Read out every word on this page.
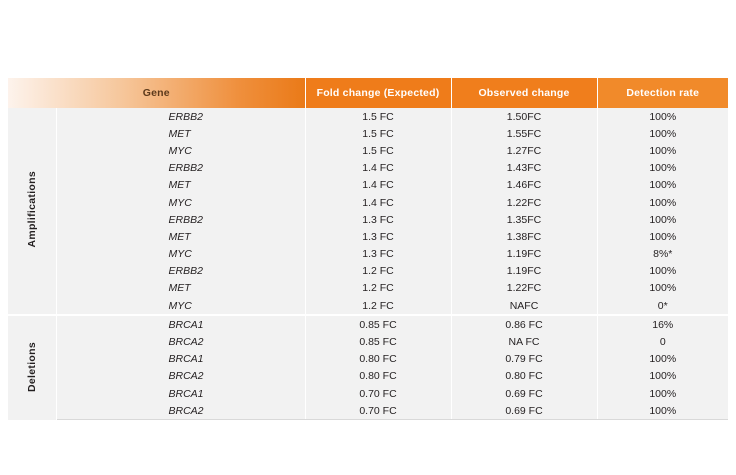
Gene		Fold change (Expected)	Observed change	Detection rate
Amplifications	ERBB2	1.5 FC	1.50FC	100%
	MET	1.5 FC	1.55FC	100%
	MYC	1.5 FC	1.27FC	100%
	ERBB2	1.4 FC	1.43FC	100%
	MET	1.4 FC	1.46FC	100%
	MYC	1.4 FC	1.22FC	100%
	ERBB2	1.3 FC	1.35FC	100%
	MET	1.3 FC	1.38FC	100%
	MYC	1.3 FC	1.19FC	8%*
	ERBB2	1.2 FC	1.19FC	100%
	MET	1.2 FC	1.22FC	100%
	MYC	1.2 FC	NAFC	0*
Deletions	BRCA1	0.85 FC	0.86 FC	16%
	BRCA2	0.85 FC	NA FC	0
	BRCA1	0.80 FC	0.79 FC	100%
	BRCA2	0.80 FC	0.80 FC	100%
	BRCA1	0.70 FC	0.69 FC	100%
	BRCA2	0.70 FC	0.69 FC	100%
